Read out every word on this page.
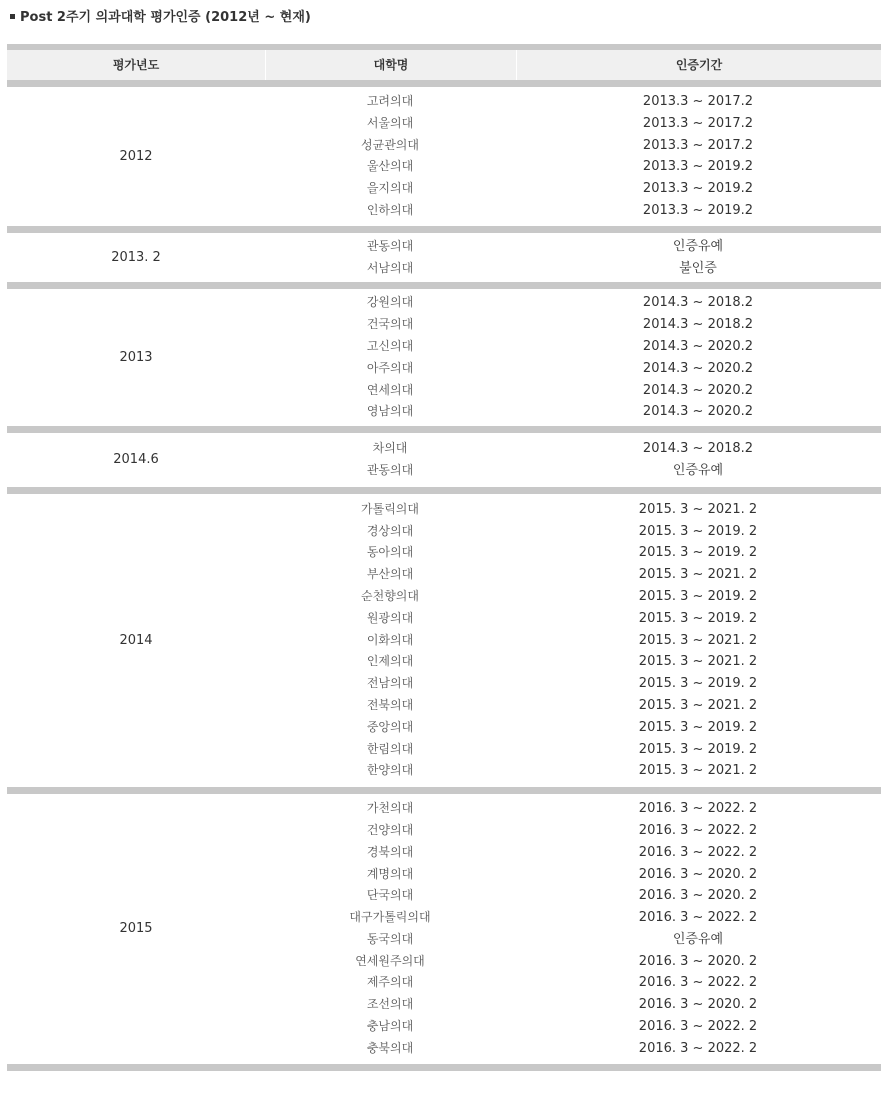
Post 2주기 의과대학 평가인증 (2012년 ~ 현재)
평가년도	대학명	인증기간
2012
고려의대
서울의대
성균관의대
울산의대
을지의대
인하의대
2013.3 ~ 2017.2
2013.3 ~ 2017.2
2013.3 ~ 2017.2
2013.3 ~ 2019.2
2013.3 ~ 2019.2
2013.3 ~ 2019.2
2013. 2
관동의대
서남의대
인증유예
불인증
2013
강원의대
건국의대
고신의대
아주의대
연세의대
영남의대
2014.3 ~ 2018.2
2014.3 ~ 2018.2
2014.3 ~ 2020.2
2014.3 ~ 2020.2
2014.3 ~ 2020.2
2014.3 ~ 2020.2
2014.6
차의대
관동의대
2014.3 ~ 2018.2
인증유예
2014
가톨릭의대
경상의대
동아의대
부산의대
순천향의대
원광의대
이화의대
인제의대
전남의대
전북의대
중앙의대
한림의대
한양의대
2015. 3 ~ 2021. 2
2015. 3 ~ 2019. 2
2015. 3 ~ 2019. 2
2015. 3 ~ 2021. 2
2015. 3 ~ 2019. 2
2015. 3 ~ 2019. 2
2015. 3 ~ 2021. 2
2015. 3 ~ 2021. 2
2015. 3 ~ 2019. 2
2015. 3 ~ 2021. 2
2015. 3 ~ 2019. 2
2015. 3 ~ 2019. 2
2015. 3 ~ 2021. 2
2015
가천의대
건양의대
경북의대
계명의대
단국의대
대구가톨릭의대
동국의대
연세원주의대
제주의대
조선의대
충남의대
충북의대
2016. 3 ~ 2022. 2
2016. 3 ~ 2022. 2
2016. 3 ~ 2022. 2
2016. 3 ~ 2020. 2
2016. 3 ~ 2020. 2
2016. 3 ~ 2022. 2
인증유예
2016. 3 ~ 2020. 2
2016. 3 ~ 2022. 2
2016. 3 ~ 2020. 2
2016. 3 ~ 2022. 2
2016. 3 ~ 2022. 2
